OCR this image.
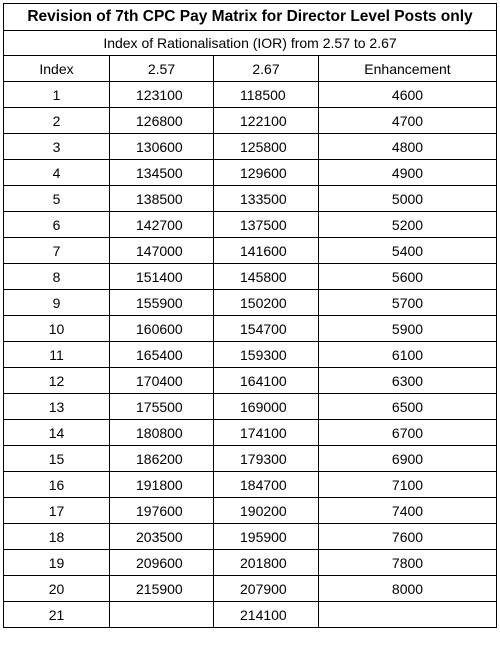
Revision of 7th CPC Pay Matrix for Director Level Posts only			
Index of Rationalisation (IOR) from 2.57 to 2.67			
Index	2.57	2.67	Enhancement
1	123100	118500	4600
2	126800	122100	4700
3	130600	125800	4800
4	134500	129600	4900
5	138500	133500	5000
6	142700	137500	5200
7	147000	141600	5400
8	151400	145800	5600
9	155900	150200	5700
10	160600	154700	5900
11	165400	159300	6100
12	170400	164100	6300
13	175500	169000	6500
14	180800	174100	6700
15	186200	179300	6900
16	191800	184700	7100
17	197600	190200	7400
18	203500	195900	7600
19	209600	201800	7800
20	215900	207900	8000
21		214100	
